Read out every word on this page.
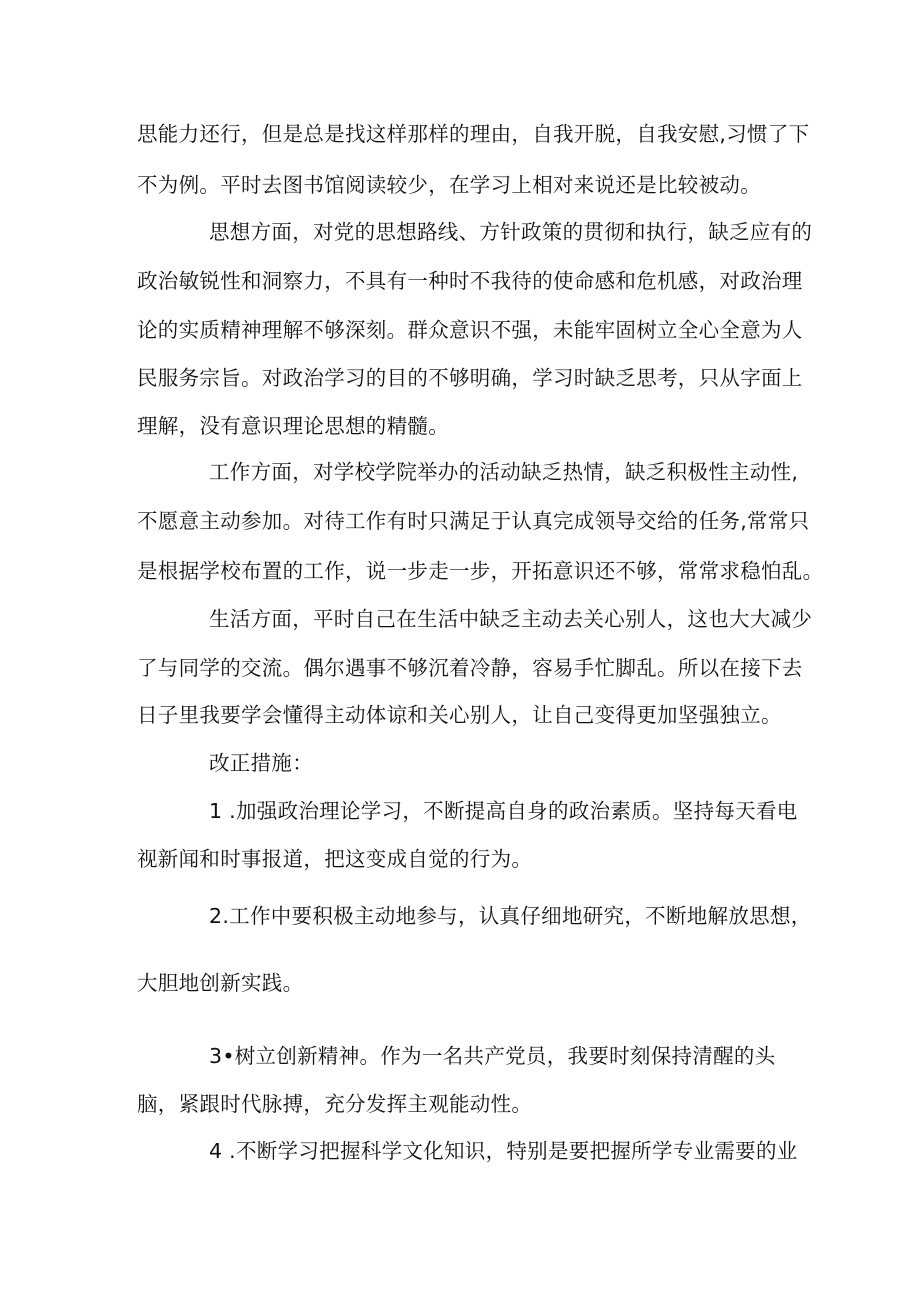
思能力还行，但是总是找这样那样的理由，自我开脱，自我安慰,习惯了下
不为例。平时去图书馆阅读较少，在学习上相对来说还是比较被动。
思想方面，对党的思想路线、方针政策的贯彻和执行，缺乏应有的
政治敏锐性和洞察力，不具有一种时不我待的使命感和危机感，对政治理
论的实质精神理解不够深刻。群众意识不强，未能牢固树立全心全意为人
民服务宗旨。对政治学习的目的不够明确，学习时缺乏思考，只从字面上
理解，没有意识理论思想的精髓。
工作方面，对学校学院举办的活动缺乏热情，缺乏积极性主动性,
不愿意主动参加。对待工作有时只满足于认真完成领导交给的任务,常常只
是根据学校布置的工作，说一步走一步，开拓意识还不够，常常求稳怕乱。
生活方面，平时自己在生活中缺乏主动去关心别人，这也大大减少
了与同学的交流。偶尔遇事不够沉着冷静，容易手忙脚乱。所以在接下去
日子里我要学会懂得主动体谅和关心别人，让自己变得更加坚强独立。
改正措施：
1 .加强政治理论学习，不断提高自身的政治素质。坚持每天看电
视新闻和时事报道，把这变成自觉的行为。
2.工作中要积极主动地参与，认真仔细地研究，不断地解放思想，
大胆地创新实践。
3•树立创新精神。作为一名共产党员，我要时刻保持清醒的头
脑，紧跟时代脉搏，充分发挥主观能动性。
4 .不断学习把握科学文化知识，特别是要把握所学专业需要的业
